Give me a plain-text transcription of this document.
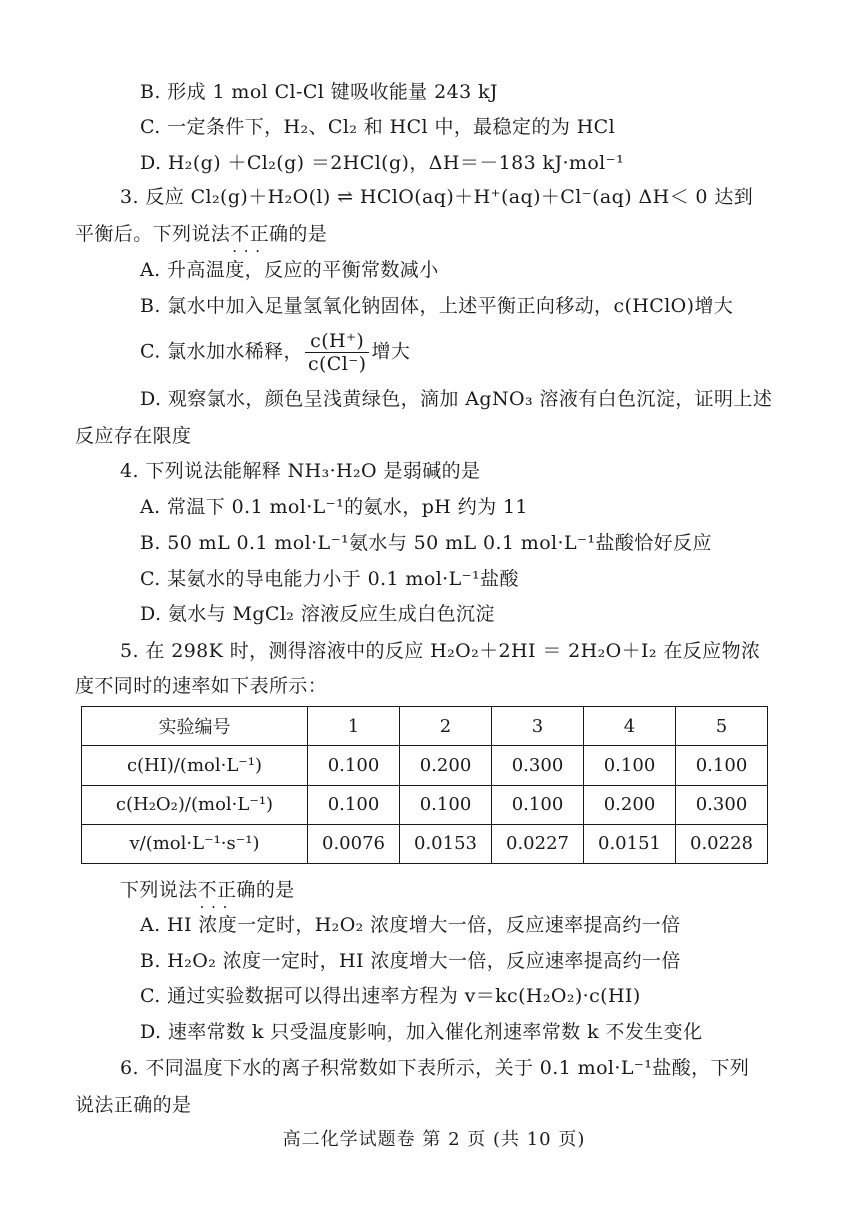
B. 形成 1 mol Cl-Cl 键吸收能量 243 kJ
C. 一定条件下，H₂、Cl₂ 和 HCl 中，最稳定的为 HCl
D. H₂(g) ＋Cl₂(g) ＝2HCl(g)，ΔH＝－183 kJ·mol⁻¹
3. 反应 Cl₂(g)＋H₂O(l) ⇌ HClO(aq)＋H⁺(aq)＋Cl⁻(aq) ΔH＜ 0 达到
平衡后。下列说法不正确 · · ·的是
A. 升高温度，反应的平衡常数减小
B. 氯水中加入足量氢氧化钠固体，上述平衡正向移动，c(HClO)增大
C. 氯水加水稀释， $\frac{c(H^+)}{c(Cl^-)}$ 增大
D. 观察氯水，颜色呈浅黄绿色，滴加 AgNO₃ 溶液有白色沉淀，证明上述
反应存在限度
4. 下列说法能解释 NH₃·H₂O 是弱碱的是
A. 常温下 0.1 mol·L⁻¹的氨水，pH 约为 11
B. 50 mL 0.1 mol·L⁻¹氨水与 50 mL 0.1 mol·L⁻¹盐酸恰好反应
C. 某氨水的导电能力小于 0.1 mol·L⁻¹盐酸
D. 氨水与 MgCl₂ 溶液反应生成白色沉淀
5. 在 298K 时，测得溶液中的反应 H₂O₂＋2HI ＝ 2H₂O＋I₂ 在反应物浓
度不同时的速率如下表所示：
实验编号	1	2	3	4	5
c(HI)/(mol·L⁻¹)	0.100	0.200	0.300	0.100	0.100
c(H₂O₂)/(mol·L⁻¹)	0.100	0.100	0.100	0.200	0.300
v/(mol·L⁻¹·s⁻¹)	0.0076	0.0153	0.0227	0.0151	0.0228
下列说法不正确 · · ·的是
A. HI 浓度一定时，H₂O₂ 浓度增大一倍，反应速率提高约一倍
B. H₂O₂ 浓度一定时，HI 浓度增大一倍，反应速率提高约一倍
C. 通过实验数据可以得出速率方程为 v＝kc(H₂O₂)·c(HI)
D. 速率常数 k 只受温度影响，加入催化剂速率常数 k 不发生变化
6. 不同温度下水的离子积常数如下表所示，关于 0.1 mol·L⁻¹盐酸，下列
说法正确的是
高二化学试题卷 第 2 页 (共 10 页)
